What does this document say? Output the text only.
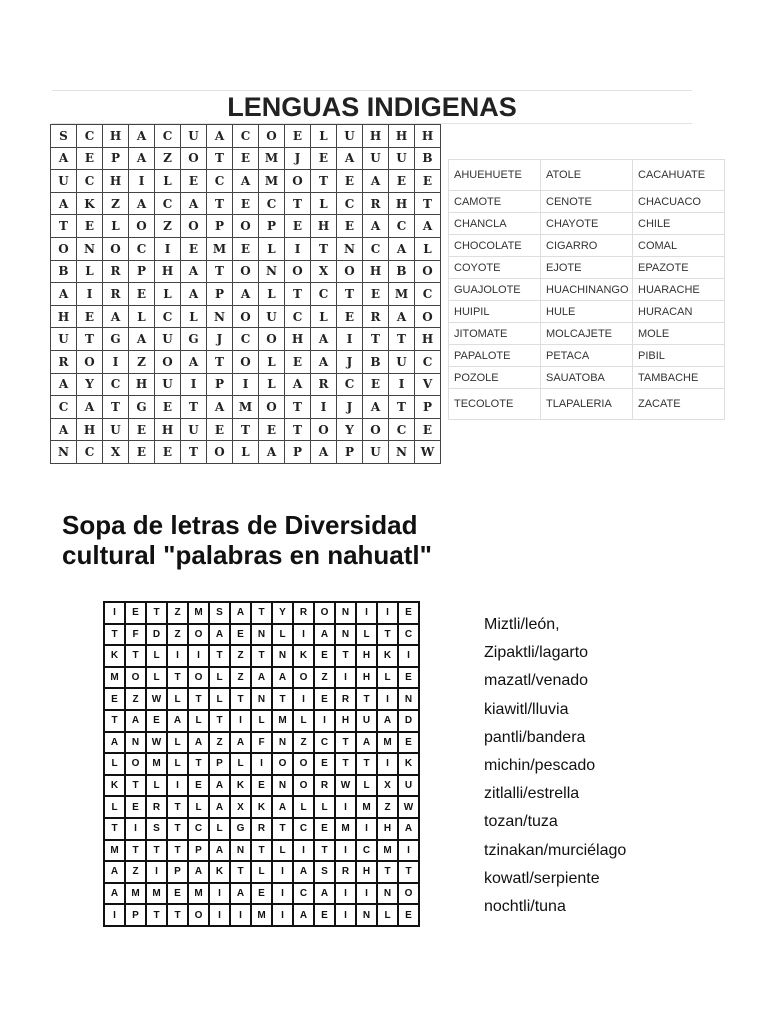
LENGUAS INDIGENAS
S	C	H	A	C	U	A	C	O	E	L	U	H	H	H
A	E	P	A	Z	O	T	E	M	J	E	A	U	U	B
U	C	H	I	L	E	C	A	M	O	T	E	A	E	E
A	K	Z	A	C	A	T	E	C	T	L	C	R	H	T
T	E	L	O	Z	O	P	O	P	E	H	E	A	C	A
O	N	O	C	I	E	M	E	L	I	T	N	C	A	L
B	L	R	P	H	A	T	O	N	O	X	O	H	B	O
A	I	R	E	L	A	P	A	L	T	C	T	E	M	C
H	E	A	L	C	L	N	O	U	C	L	E	R	A	O
U	T	G	A	U	G	J	C	O	H	A	I	T	T	H
R	O	I	Z	O	A	T	O	L	E	A	J	B	U	C
A	Y	C	H	U	I	P	I	L	A	R	C	E	I	V
C	A	T	G	E	T	A	M	O	T	I	J	A	T	P
A	H	U	E	H	U	E	T	E	T	O	Y	O	C	E
N	C	X	E	E	T	O	L	A	P	A	P	U	N	W
AHUEHUETE	ATOLE	CACAHUATE
CAMOTE	CENOTE	CHACUACO
CHANCLA	CHAYOTE	CHILE
CHOCOLATE	CIGARRO	COMAL
COYOTE	EJOTE	EPAZOTE
GUAJOLOTE	HUACHINANGO	HUARACHE
HUIPIL	HULE	HURACAN
JITOMATE	MOLCAJETE	MOLE
PAPALOTE	PETACA	PIBIL
POZOLE	SAUATOBA	TAMBACHE
TECOLOTE	TLAPALERIA	ZACATE
Sopa de letras de Diversidad
cultural "palabras en nahuatl"
I	E	T	Z	M	S	A	T	Y	R	O	N	I	I	E
T	F	D	Z	O	A	E	N	L	I	A	N	L	T	C
K	T	L	I	I	T	Z	T	N	K	E	T	H	K	I
M	O	L	T	O	L	Z	A	A	O	Z	I	H	L	E
E	Z	W	L	T	L	T	N	T	I	E	R	T	I	N
T	A	E	A	L	T	I	L	M	L	I	H	U	A	D
A	N	W	L	A	Z	A	F	N	Z	C	T	A	M	E
L	O	M	L	T	P	L	I	O	O	E	T	T	I	K
K	T	L	I	E	A	K	E	N	O	R	W	L	X	U
L	E	R	T	L	A	X	K	A	L	L	I	M	Z	W
T	I	S	T	C	L	G	R	T	C	E	M	I	H	A
M	T	T	T	P	A	N	T	L	I	T	I	C	M	I
A	Z	I	P	A	K	T	L	I	A	S	R	H	T	T
A	M	M	E	M	I	A	E	I	C	A	I	I	N	O
I	P	T	T	O	I	I	M	I	A	E	I	N	L	E
Miztli/león,
Zipaktli/lagarto
mazatl/venado
kiawitl/lluvia
pantli/bandera
michin/pescado
zitlalli/estrella
tozan/tuza
tzinakan/murciélago
kowatl/serpiente
nochtli/tuna
